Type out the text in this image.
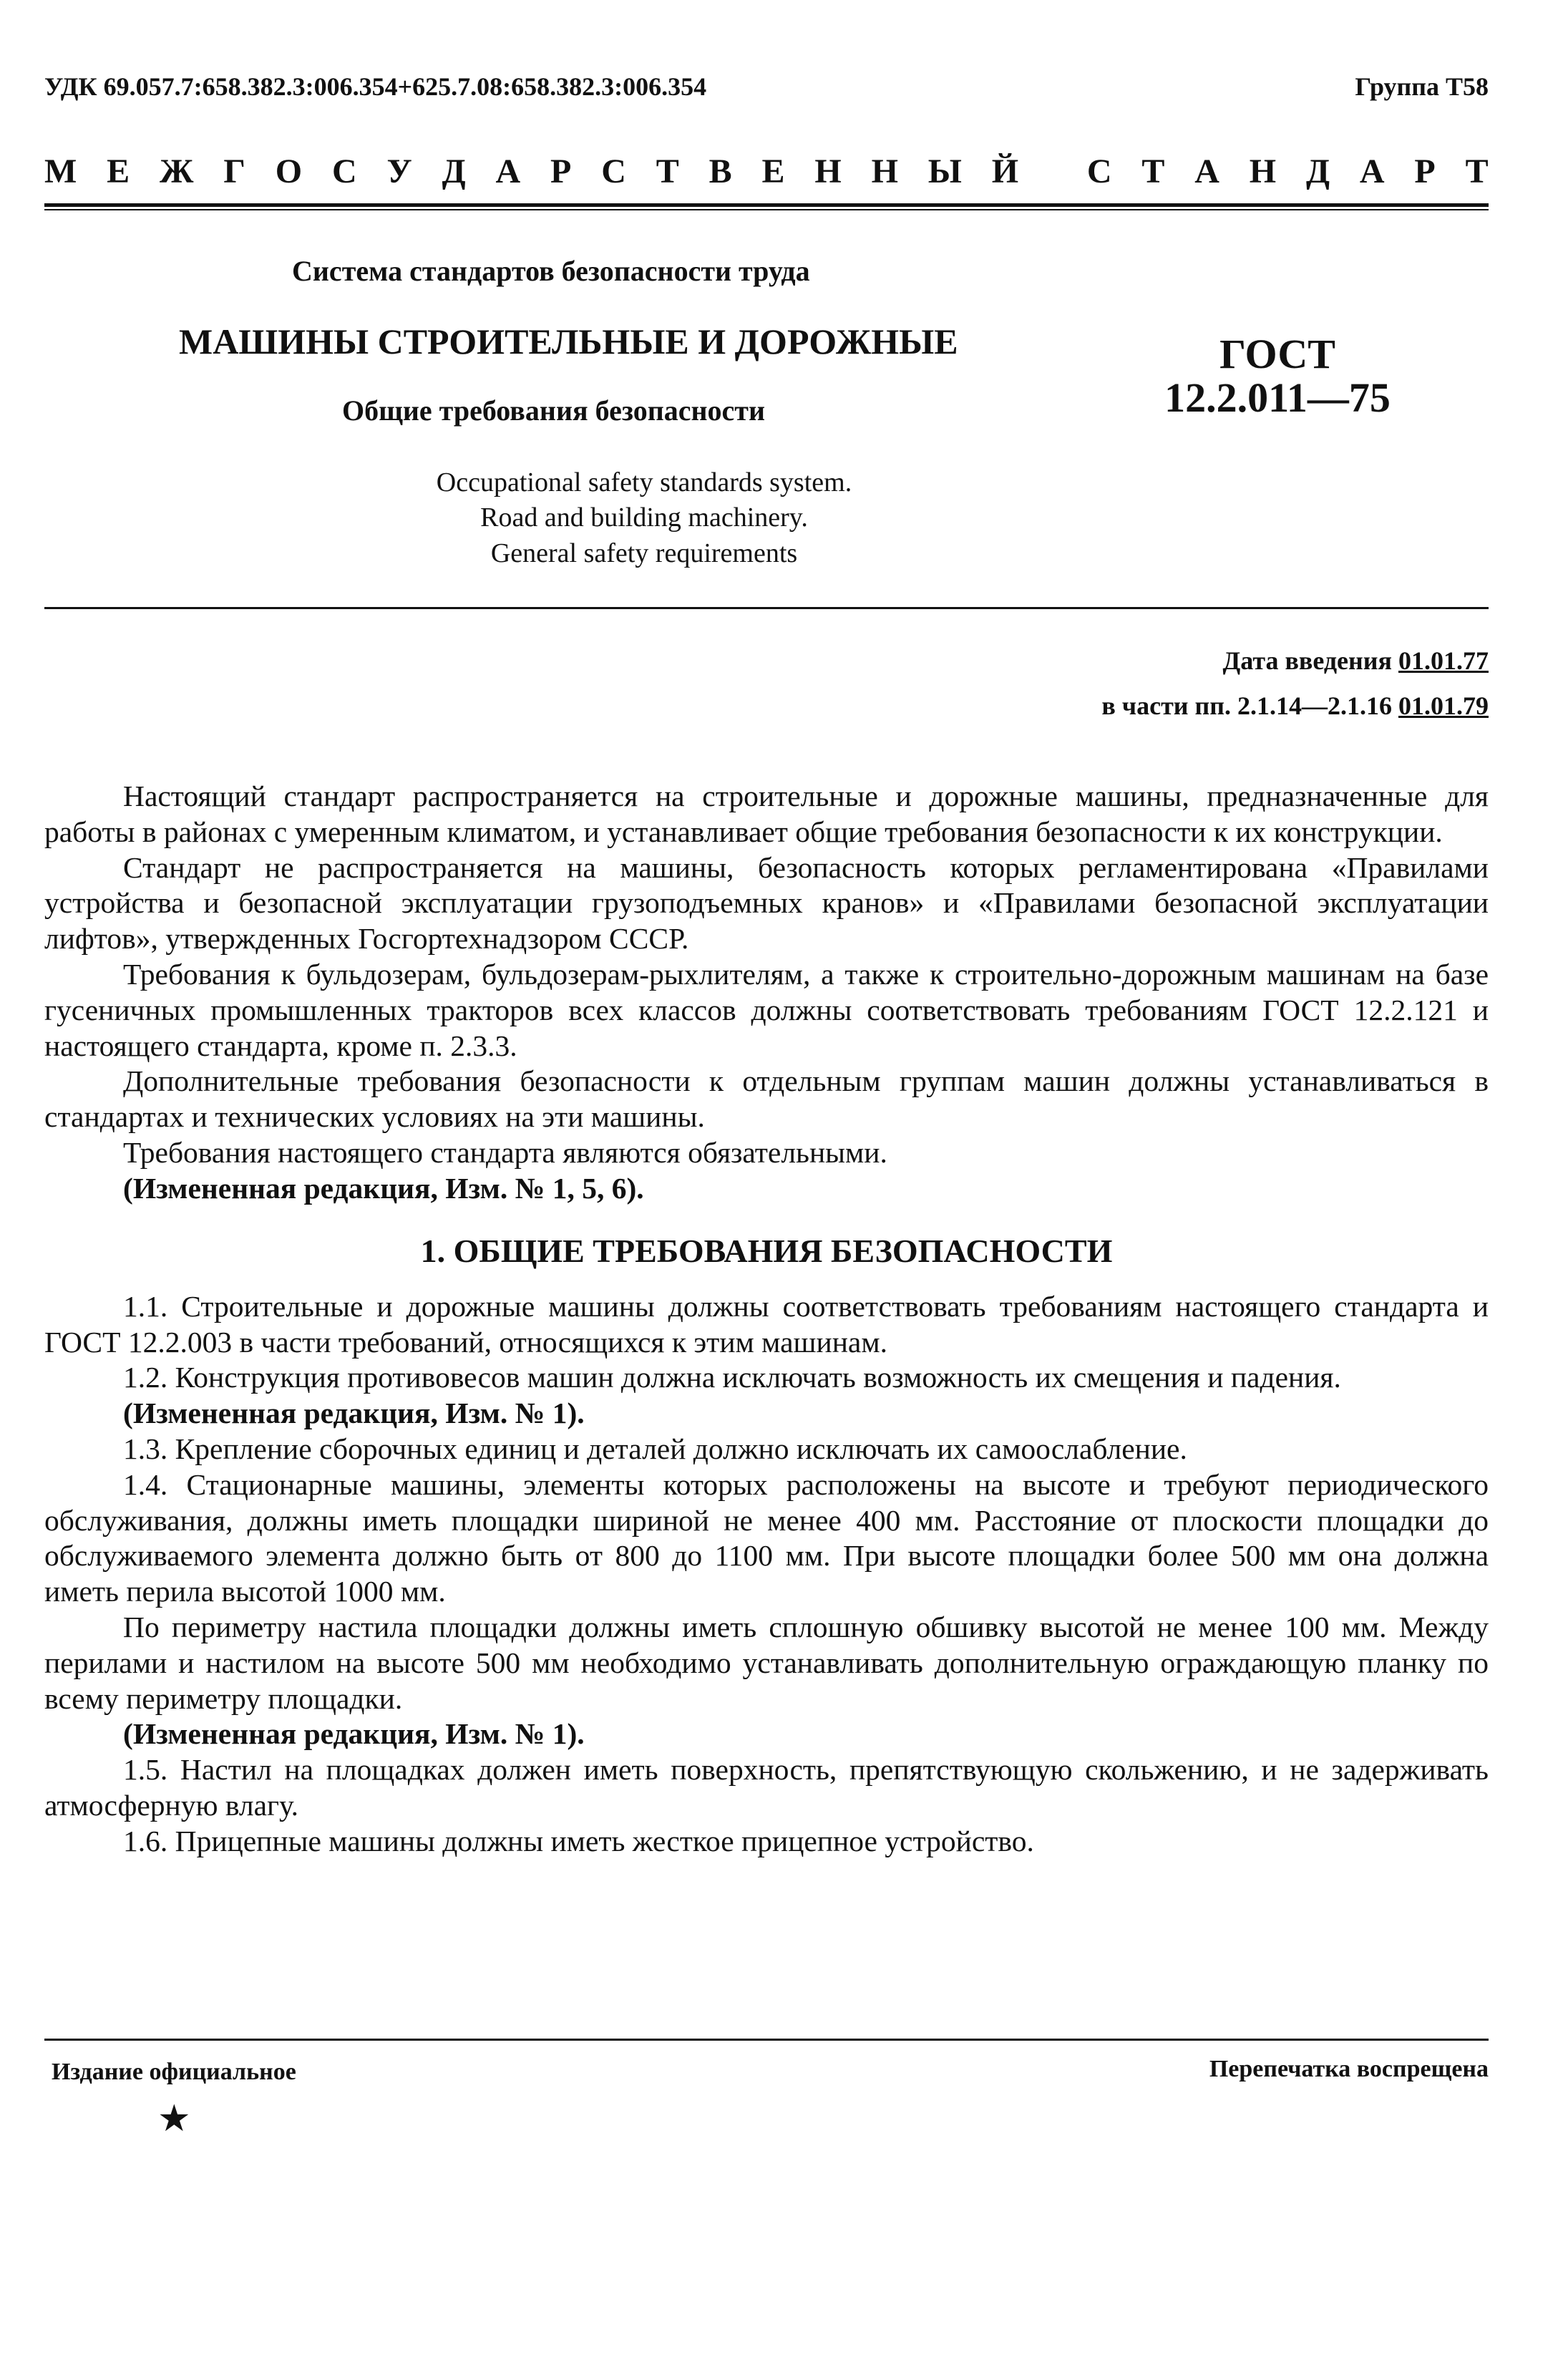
УДК 69.057.7:658.382.3:006.354+625.7.08:658.382.3:006.354	Группа Т58
М Е Ж Г О С У Д А Р С Т В Е Н Н Ы Й
С Т А Н Д А Р Т
Система стандартов безопасности труда
МАШИНЫ СТРОИТЕЛЬНЫЕ И ДОРОЖНЫЕ
Общие требования безопасности
ГОСТ
12.2.011—75
Occupational safety standards system.
Road and building machinery.
General safety requirements
Дата введения 01.01.77
в части пп. 2.1.14—2.1.16 01.01.79

Настоящий стандарт распространяется на строительные и дорожные машины, предназначенные для работы в районах с умеренным климатом, и устанавливает общие требования безопасности к их конструкции.

Стандарт не распространяется на машины, безопасность которых регламентирована «Правилами устройства и безопасной эксплуатации грузоподъемных кранов» и «Правилами безопасной эксплуатации лифтов», утвержденных Госгортехнадзором СССР.

Требования к бульдозерам, бульдозерам-рыхлителям, а также к строительно-дорожным машинам на базе гусеничных промышленных тракторов всех классов должны соответствовать требованиям ГОСТ 12.2.121 и настоящего стандарта, кроме п. 2.3.3.

Дополнительные требования безопасности к отдельным группам машин должны устанавливаться в стандартах и технических условиях на эти машины.

Требования настоящего стандарта являются обязательными.

(Измененная редакция, Изм. № 1, 5, 6).

1. ОБЩИЕ ТРЕБОВАНИЯ БЕЗОПАСНОСТИ

1.1. Строительные и дорожные машины должны соответствовать требованиям настоящего стандарта и ГОСТ 12.2.003 в части требований, относящихся к этим машинам.

1.2. Конструкция противовесов машин должна исключать возможность их смещения и падения.

(Измененная редакция, Изм. № 1).

1.3. Крепление сборочных единиц и деталей должно исключать их самоослабление.

1.4. Стационарные машины, элементы которых расположены на высоте и требуют периодического обслуживания, должны иметь площадки шириной не менее 400 мм. Расстояние от плоскости площадки до обслуживаемого элемента должно быть от 800 до 1100 мм. При высоте площадки более 500 мм она должна иметь перила высотой 1000 мм.

По периметру настила площадки должны иметь сплошную обшивку высотой не менее 100 мм. Между перилами и настилом на высоте 500 мм необходимо устанавливать дополнительную ограждающую планку по всему периметру площадки.

(Измененная редакция, Изм. № 1).

1.5. Настил на площадках должен иметь поверхность, препятствующую скольжению, и не задерживать атмосферную влагу.

1.6. Прицепные машины должны иметь жесткое прицепное устройство.

Издание официальное	Перепечатка воспрещена
★
